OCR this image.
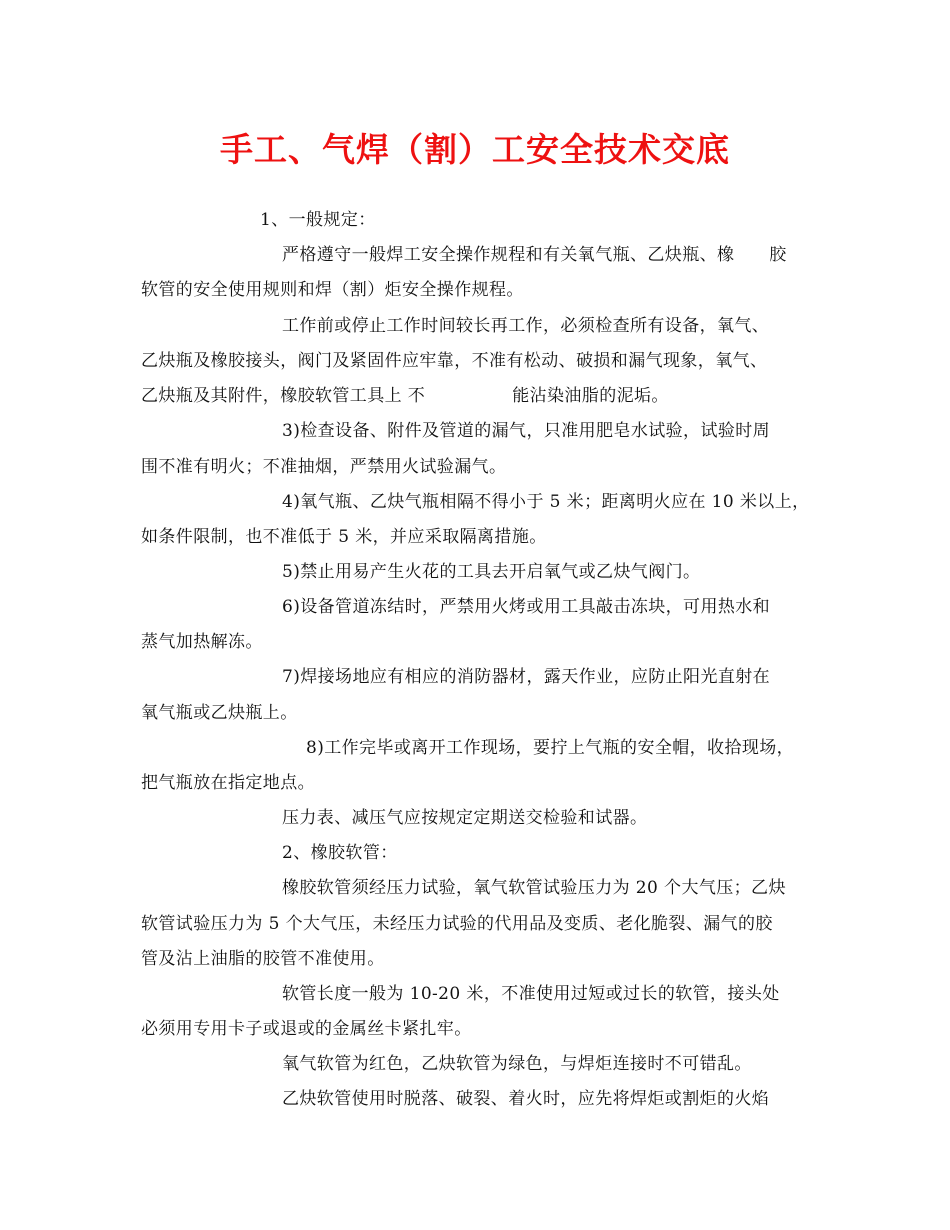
手工、气焊（割）工安全技术交底
1、一般规定：
严格遵守一般焊工安全操作规程和有关氧气瓶、乙炔瓶、橡　　胶
软管的安全使用规则和焊（割）炬安全操作规程。
工作前或停止工作时间较长再工作，必须检查所有设备，氧气、
乙炔瓶及橡胶接头，阀门及紧固件应牢靠，不准有松动、破损和漏气现象，氧气、
乙炔瓶及其附件，橡胶软管工具上 不　　　　　能沾染油脂的泥垢。
3)检查设备、附件及管道的漏气，只准用肥皂水试验，试验时周
围不准有明火；不准抽烟，严禁用火试验漏气。
4)氧气瓶、乙炔气瓶相隔不得小于 5 米；距离明火应在 10 米以上，
如条件限制，也不准低于 5 米，并应采取隔离措施。
5)禁止用易产生火花的工具去开启氧气或乙炔气阀门。
6)设备管道冻结时，严禁用火烤或用工具敲击冻块，可用热水和
蒸气加热解冻。
7)焊接场地应有相应的消防器材，露天作业，应防止阳光直射在
氧气瓶或乙炔瓶上。
8)工作完毕或离开工作现场，要拧上气瓶的安全帽，收拾现场，
把气瓶放在指定地点。
压力表、减压气应按规定定期送交检验和试器。
2、橡胶软管：
橡胶软管须经压力试验，氧气软管试验压力为 20 个大气压；乙炔
软管试验压力为 5 个大气压，未经压力试验的代用品及变质、老化脆裂、漏气的胶
管及沾上油脂的胶管不准使用。
软管长度一般为 10-20 米，不准使用过短或过长的软管，接头处
必须用专用卡子或退或的金属丝卡紧扎牢。
氧气软管为红色，乙炔软管为绿色，与焊炬连接时不可错乱。
乙炔软管使用时脱落、破裂、着火时，应先将焊炬或割炬的火焰
